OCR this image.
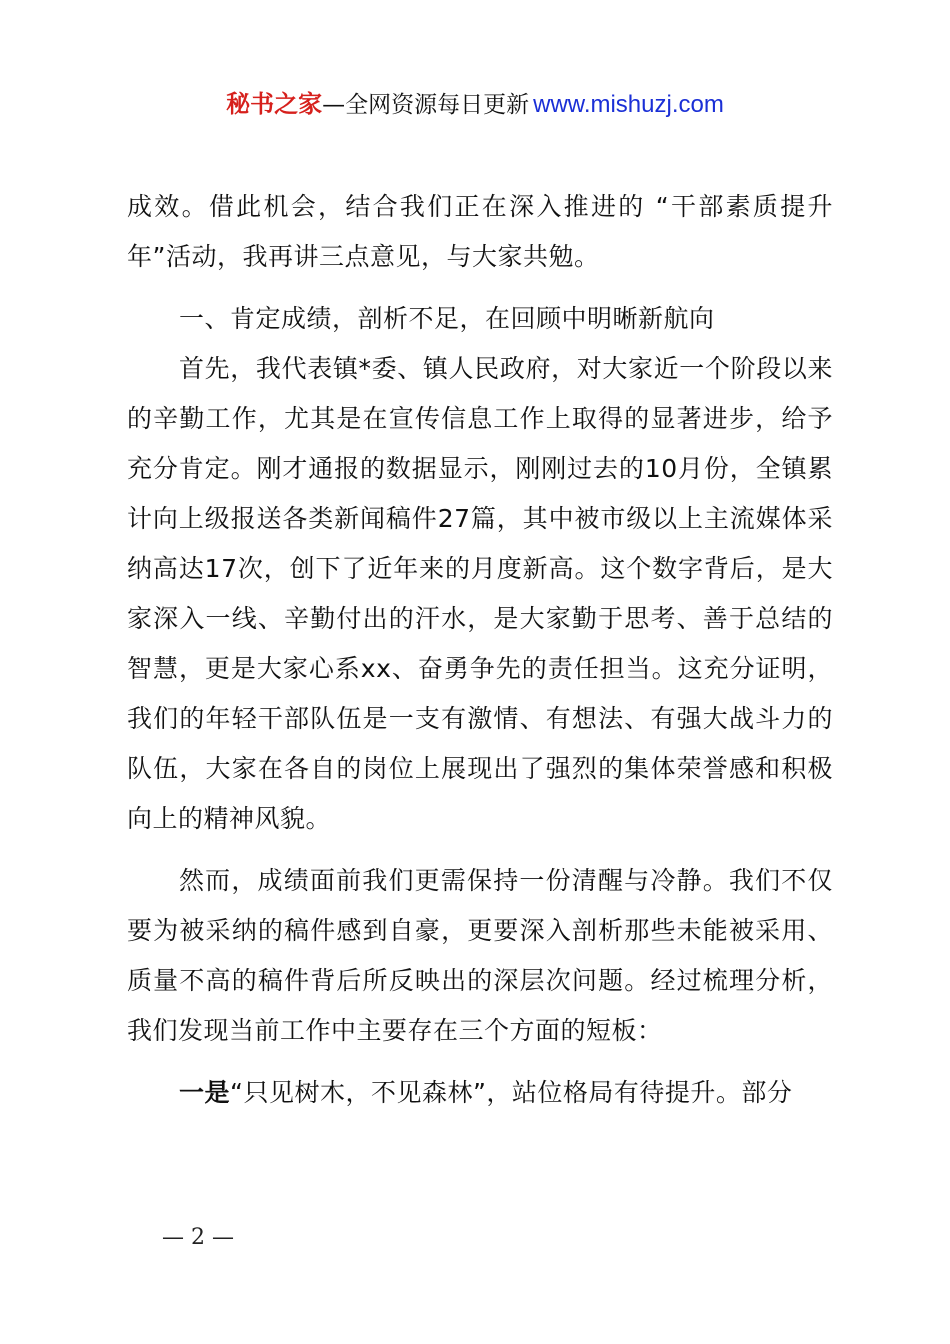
秘书之家—全网资源每日更新 www.mishuzj.com

成效。借此机会，结合我们正在深入推进的 “干部素质提升年”活动，我再讲三点意见，与大家共勉。

一、肯定成绩，剖析不足，在回顾中明晰新航向

首先，我代表镇*委、镇人民政府，对大家近一个阶段以来的辛勤工作，尤其是在宣传信息工作上取得的显著进步，给予充分肯定。刚才通报的数据显示，刚刚过去的10月份，全镇累计向上级报送各类新闻稿件27篇，其中被市级以上主流媒体采纳高达17次，创下了近年来的月度新高。这个数字背后，是大家深入一线、辛勤付出的汗水，是大家勤于思考、善于总结的智慧，更是大家心系xx、奋勇争先的责任担当。这充分证明，我们的年轻干部队伍是一支有激情、有想法、有强大战斗力的队伍，大家在各自的岗位上展现出了强烈的集体荣誉感和积极向上的精神风貌。

然而，成绩面前我们更需保持一份清醒与冷静。我们不仅要为被采纳的稿件感到自豪，更要深入剖析那些未能被采用、质量不高的稿件背后所反映出的深层次问题。经过梳理分析，我们发现当前工作中主要存在三个方面的短板：

一是“只见树木，不见森林”，站位格局有待提升。部分

— 2 —
